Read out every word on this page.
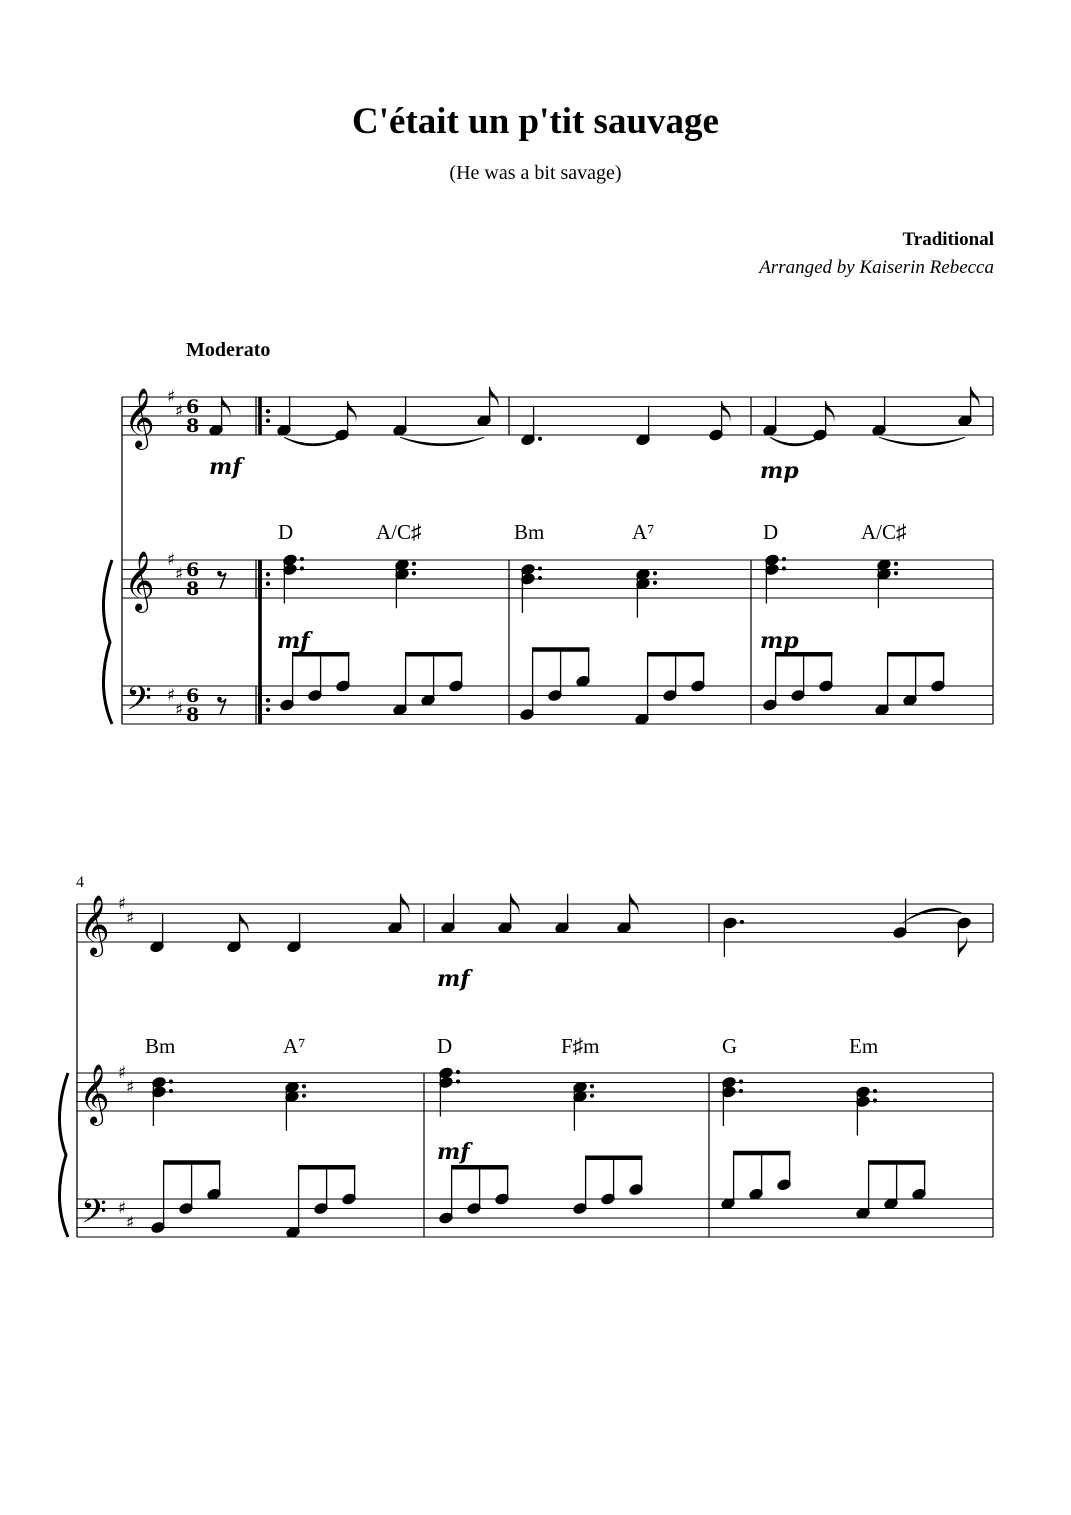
C'était un p'tit sauvage
(He was a bit savage)
Traditional
Arranged by Kaiserin Rebecca
Moderato
𝄞
𝄞
𝄢
♯
♯
♯
♯
♯
♯
6
8
6
8
6
8
D	A/C♯	Bm	A⁷	D	A/C♯
mf	mp
mf	mp
𝄞
𝄞
𝄢
♯
♯
♯
♯
♯
♯
4
Bm	A⁷	D	F♯m	G	Em
mf
mf
